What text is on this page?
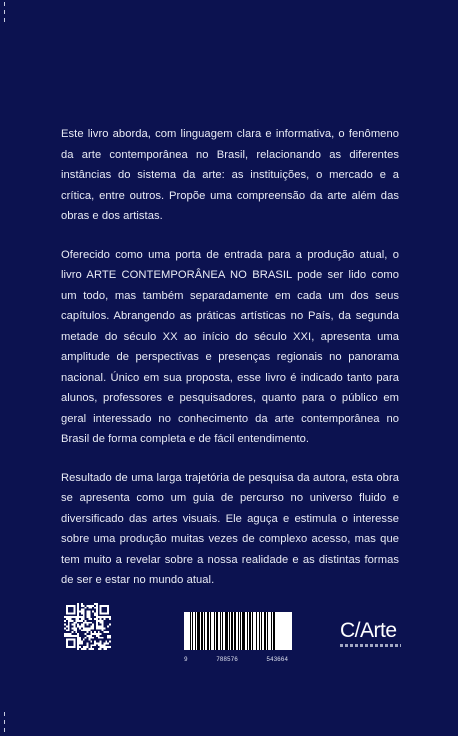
Este livro aborda, com linguagem clara e informativa, o fenômeno da arte contemporânea no Brasil, relacionando as diferentes instâncias do sistema da arte: as instituições, o mercado e a crítica, entre outros. Propõe uma compreensão da arte além das obras e dos artistas.

Oferecido como uma porta de entrada para a produção atual, o livro ARTE CONTEMPORÂNEA NO BRASIL pode ser lido como um todo, mas também separadamente em cada um dos seus capítulos. Abrangendo as práticas artísticas no País, da segunda metade do século XX ao início do século XXI, apresenta uma amplitude de perspectivas e presenças regionais no panorama nacional. Único em sua proposta, esse livro é indicado tanto para alunos, professores e pesquisadores, quanto para o público em geral interessado no conhecimento da arte contemporânea no Brasil de forma completa e de fácil entendimento.

Resultado de uma larga trajetória de pesquisa da autora, esta obra se apresenta como um guia de percurso no universo fluido e diversificado das artes visuais. Ele aguça e estimula o interesse sobre uma produção muitas vezes de complexo acesso, mas que tem muito a revelar sobre a nossa realidade e as distintas formas de ser e estar no mundo atual.

9	788576	543664
C/Arte
